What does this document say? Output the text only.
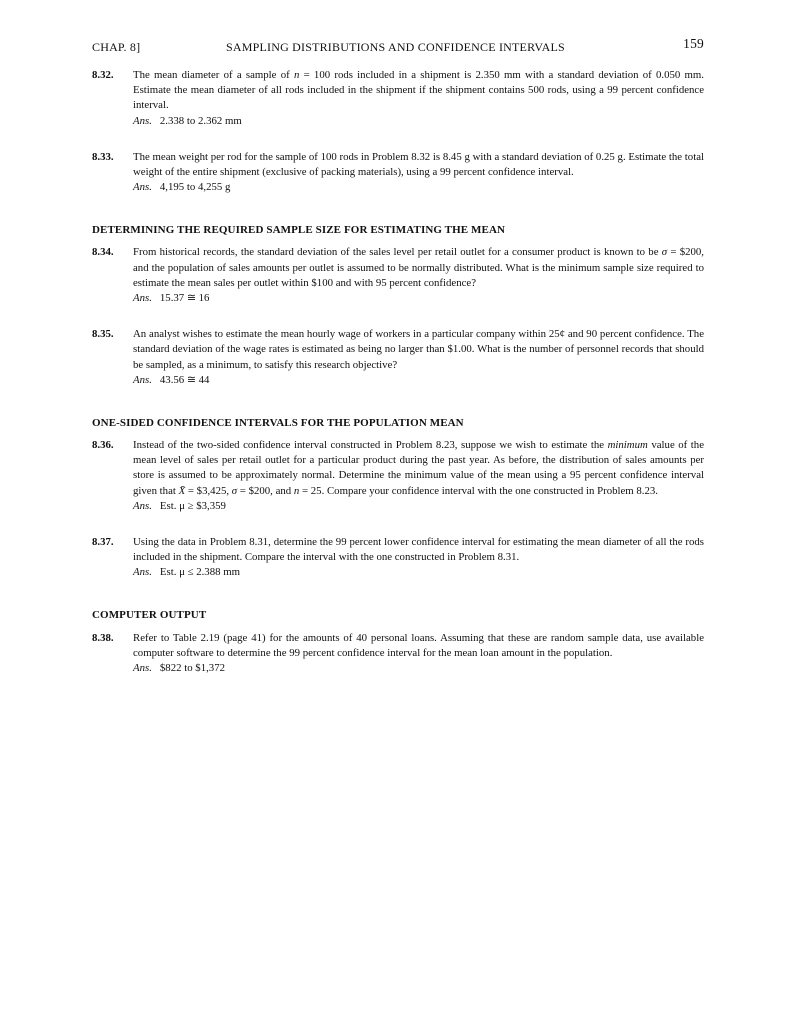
CHAP. 8]	SAMPLING DISTRIBUTIONS AND CONFIDENCE INTERVALS	159
8.32. The mean diameter of a sample of n = 100 rods included in a shipment is 2.350 mm with a standard deviation of 0.050 mm. Estimate the mean diameter of all rods included in the shipment if the shipment contains 500 rods, using a 99 percent confidence interval.
Ans. 2.338 to 2.362 mm
8.33. The mean weight per rod for the sample of 100 rods in Problem 8.32 is 8.45 g with a standard deviation of 0.25 g. Estimate the total weight of the entire shipment (exclusive of packing materials), using a 99 percent confidence interval.
Ans. 4,195 to 4,255 g
DETERMINING THE REQUIRED SAMPLE SIZE FOR ESTIMATING THE MEAN
8.34. From historical records, the standard deviation of the sales level per retail outlet for a consumer product is known to be σ = $200, and the population of sales amounts per outlet is assumed to be normally distributed. What is the minimum sample size required to estimate the mean sales per outlet within $100 and with 95 percent confidence?
Ans. 15.37 ≅ 16
8.35. An analyst wishes to estimate the mean hourly wage of workers in a particular company within 25¢ and 90 percent confidence. The standard deviation of the wage rates is estimated as being no larger than $1.00. What is the number of personnel records that should be sampled, as a minimum, to satisfy this research objective?
Ans. 43.56 ≅ 44
ONE-SIDED CONFIDENCE INTERVALS FOR THE POPULATION MEAN
8.36. Instead of the two-sided confidence interval constructed in Problem 8.23, suppose we wish to estimate the minimum value of the mean level of sales per retail outlet for a particular product during the past year. As before, the distribution of sales amounts per store is assumed to be approximately normal. Determine the minimum value of the mean using a 95 percent confidence interval given that X̄ = $3,425, σ = $200, and n = 25. Compare your confidence interval with the one constructed in Problem 8.23.
Ans. Est. μ ≥ $3,359
8.37. Using the data in Problem 8.31, determine the 99 percent lower confidence interval for estimating the mean diameter of all the rods included in the shipment. Compare the interval with the one constructed in Problem 8.31.
Ans. Est. μ ≤ 2.388 mm
COMPUTER OUTPUT
8.38. Refer to Table 2.19 (page 41) for the amounts of 40 personal loans. Assuming that these are random sample data, use available computer software to determine the 99 percent confidence interval for the mean loan amount in the population.
Ans. $822 to $1,372
